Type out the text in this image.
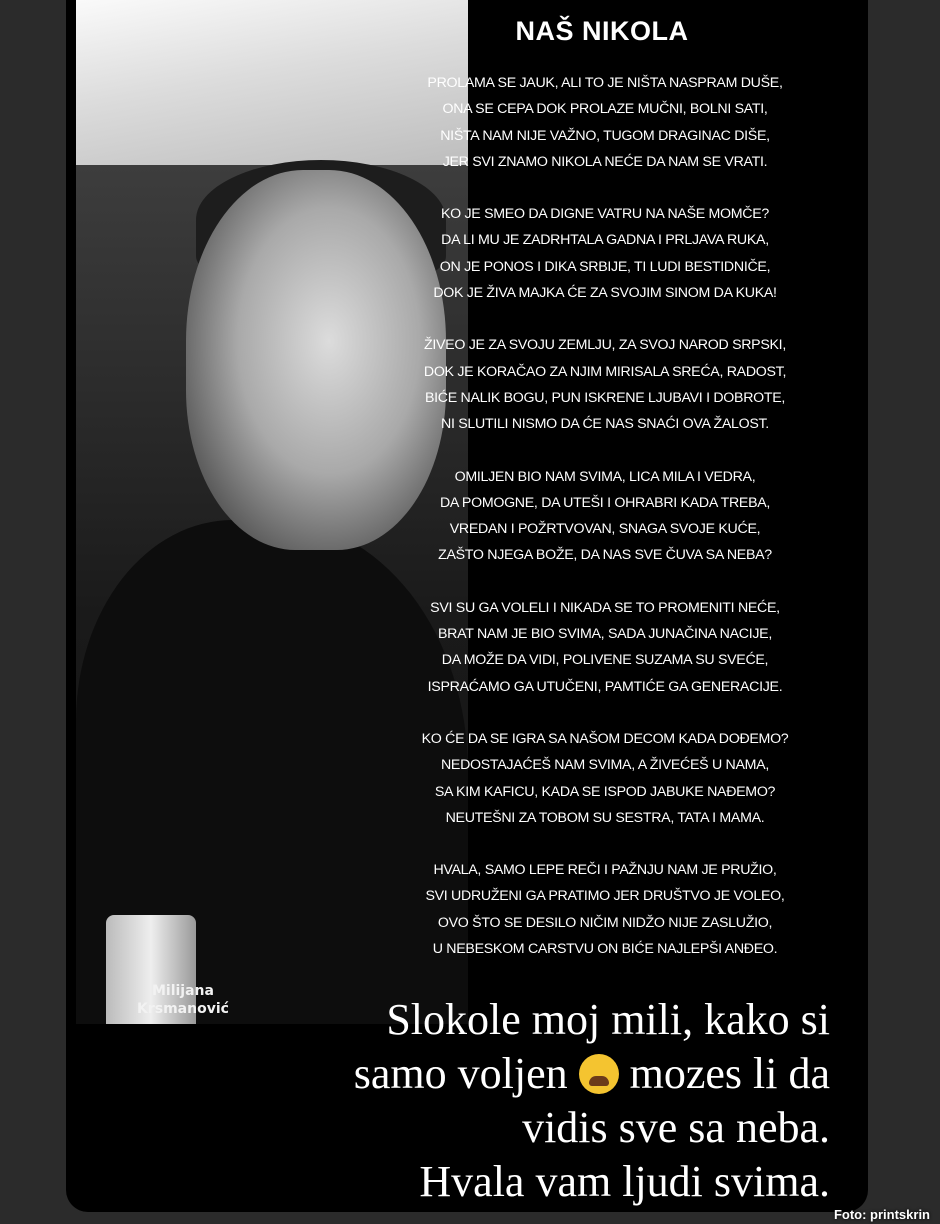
Milijana
Krsmanović
NAŠ NIKOLA
PROLAMA SE JAUK, ALI TO JE NIŠTA NASPRAM DUŠE,
ONA SE CEPA DOK PROLAZE MUČNI, BOLNI SATI,
NIŠTA NAM NIJE VAŽNO, TUGOM DRAGINAC DIŠE,
JER SVI ZNAMO NIKOLA NEĆE DA NAM SE VRATI.
KO JE SMEO DA DIGNE VATRU NA NAŠE MOMČE?
DA LI MU JE ZADRHTALA GADNA I PRLJAVA RUKA,
ON JE PONOS I DIKA SRBIJE, TI LUDI BESTIDNIČE,
DOK JE ŽIVA MAJKA ĆE ZA SVOJIM SINOM DA KUKA!
ŽIVEO JE ZA SVOJU ZEMLJU, ZA SVOJ NAROD SRPSKI,
DOK JE KORAČAO ZA NJIM MIRISALA SREĆA, RADOST,
BIĆE NALIK BOGU, PUN ISKRENE LJUBAVI I DOBROTE,
NI SLUTILI NISMO DA ĆE NAS SNAĆI OVA ŽALOST.
OMILJEN BIO NAM SVIMA, LICA MILA I VEDRA,
DA POMOGNE, DA UTEŠI I OHRABRI KADA TREBA,
VREDAN I POŽRTVOVAN, SNAGA SVOJE KUĆE,
ZAŠTO NJEGA BOŽE, DA NAS SVE ČUVA SA NEBA?
SVI SU GA VOLELI I NIKADA SE TO PROMENITI NEĆE,
BRAT NAM JE BIO SVIMA, SADA JUNAČINA NACIJE,
DA MOŽE DA VIDI, POLIVENE SUZAMA SU SVEĆE,
ISPRAĆAMO GA UTUČENI, PAMTIĆE GA GENERACIJE.
KO ĆE DA SE IGRA SA NAŠOM DECOM KADA DOĐEMO?
NEDOSTAJAĆEŠ NAM SVIMA, A ŽIVEĆEŠ U NAMA,
SA KIM KAFICU, KADA SE ISPOD JABUKE NAĐEMO?
NEUTEŠNI ZA TOBOM SU SESTRA, TATA I MAMA.
HVALA, SAMO LEPE REČI I PAŽNJU NAM JE PRUŽIO,
SVI UDRUŽENI GA PRATIMO JER DRUŠTVO JE VOLEO,
OVO ŠTO SE DESILO NIČIM NIDŽO NIJE ZASLUŽIO,
U NEBESKOM CARSTVU ON BIĆE NAJLEPŠI ANĐEO.
Slokole moj mili, kako si
samo voljen mozes li da
vidis sve sa neba.
Hvala vam ljudi svima.
Foto: printskrin
